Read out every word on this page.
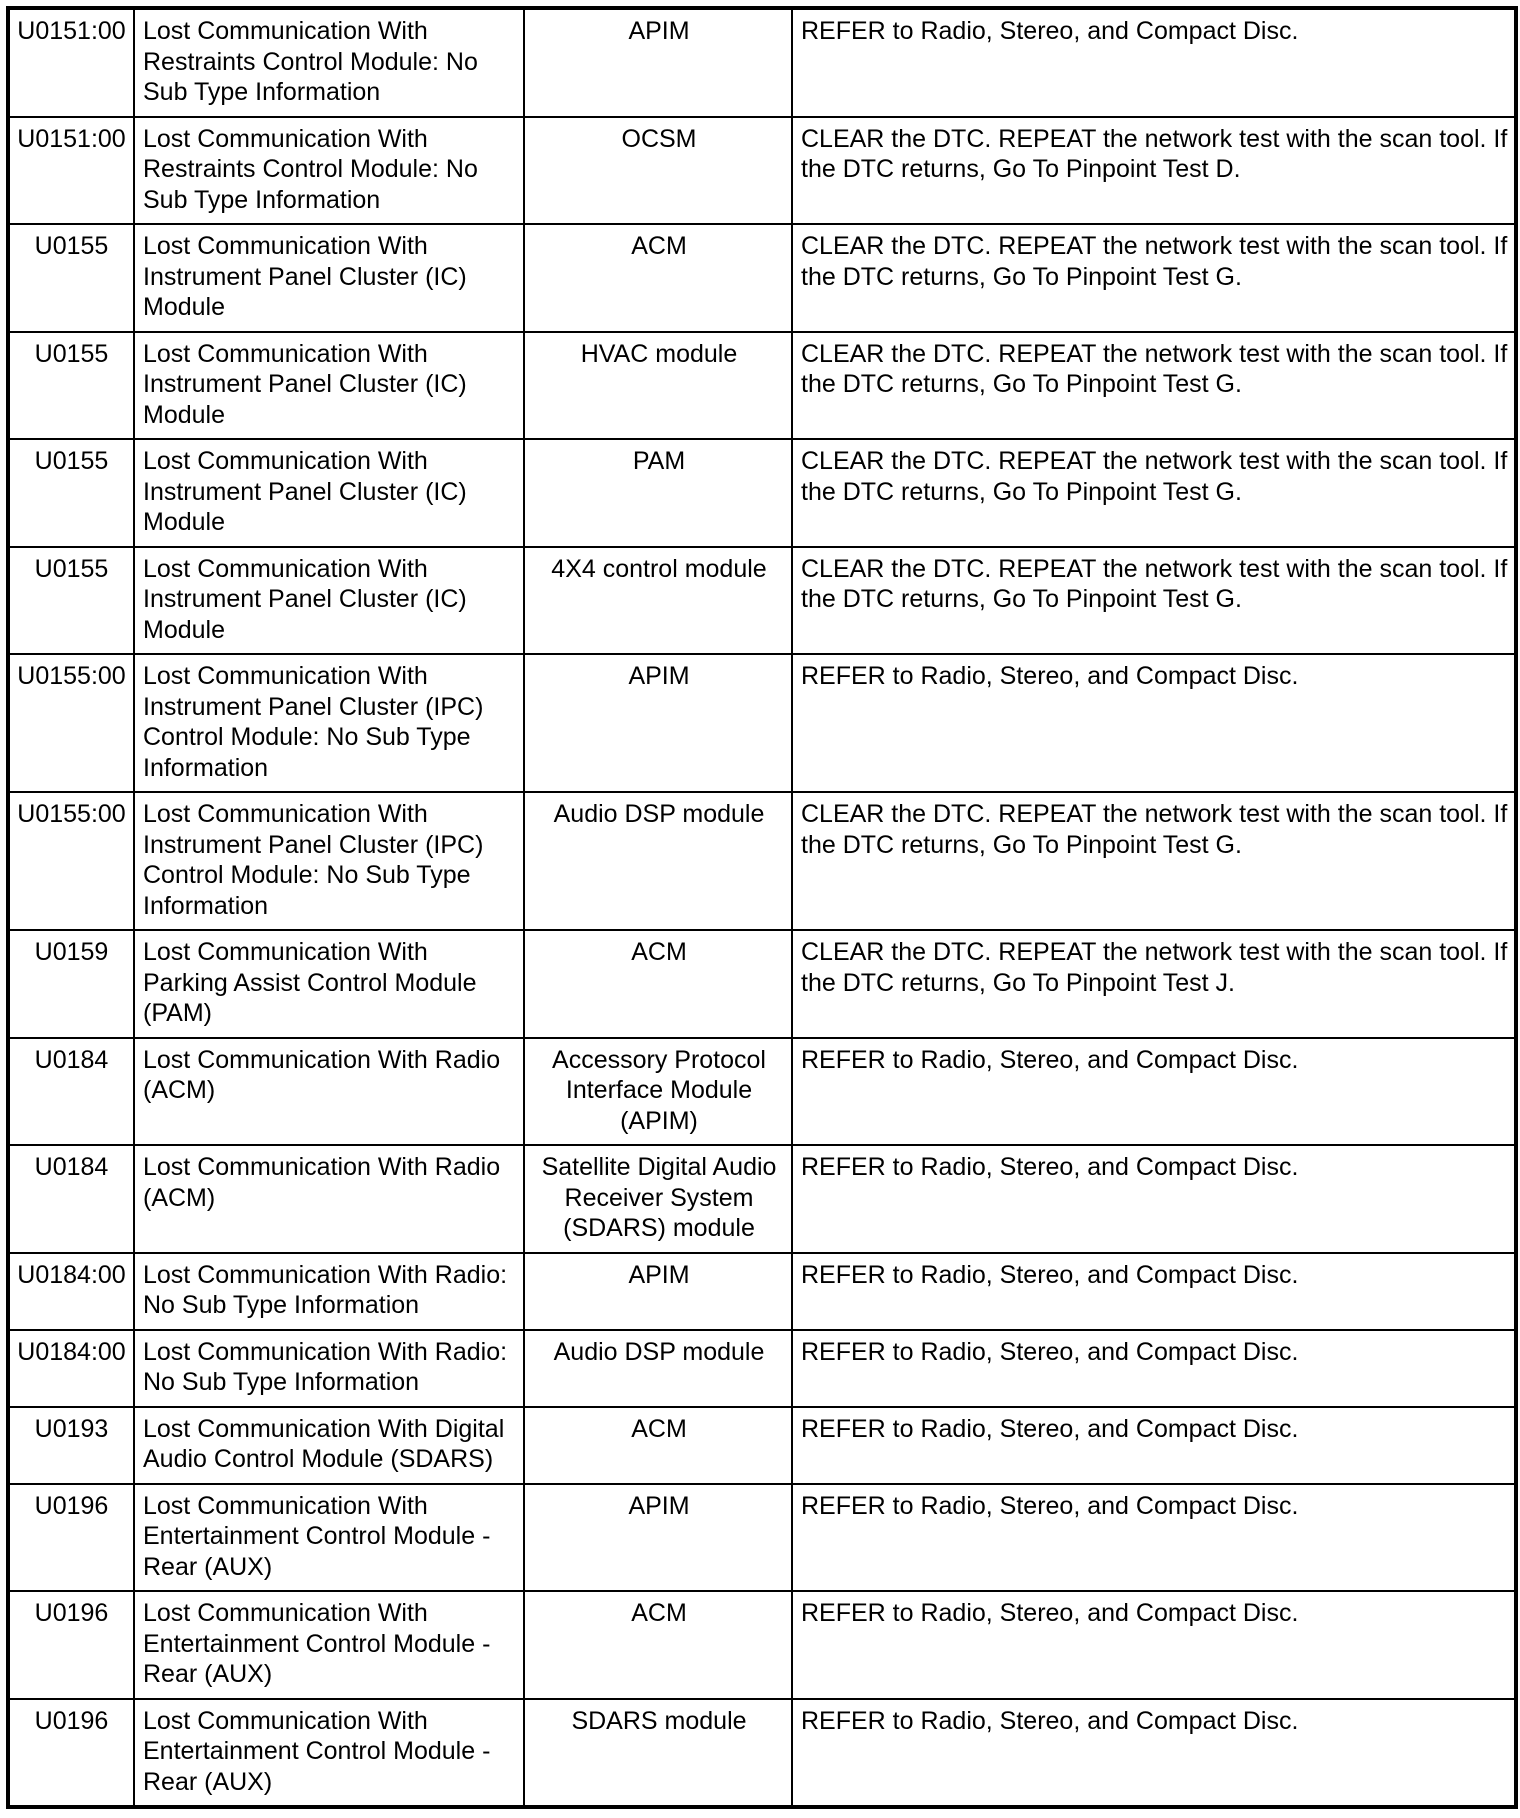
U0151:00	Lost Communication With Restraints Control Module: No Sub Type Information	APIM	REFER to Radio, Stereo, and Compact Disc.
U0151:00	Lost Communication With Restraints Control Module: No Sub Type Information	OCSM	CLEAR the DTC. REPEAT the network test with the scan tool. If the DTC returns, Go To Pinpoint Test D.
U0155	Lost Communication With Instrument Panel Cluster (IC) Module	ACM	CLEAR the DTC. REPEAT the network test with the scan tool. If the DTC returns, Go To Pinpoint Test G.
U0155	Lost Communication With Instrument Panel Cluster (IC) Module	HVAC module	CLEAR the DTC. REPEAT the network test with the scan tool. If the DTC returns, Go To Pinpoint Test G.
U0155	Lost Communication With Instrument Panel Cluster (IC) Module	PAM	CLEAR the DTC. REPEAT the network test with the scan tool. If the DTC returns, Go To Pinpoint Test G.
U0155	Lost Communication With Instrument Panel Cluster (IC) Module	4X4 control module	CLEAR the DTC. REPEAT the network test with the scan tool. If the DTC returns, Go To Pinpoint Test G.
U0155:00	Lost Communication With Instrument Panel Cluster (IPC) Control Module: No Sub Type Information	APIM	REFER to Radio, Stereo, and Compact Disc.
U0155:00	Lost Communication With Instrument Panel Cluster (IPC) Control Module: No Sub Type Information	Audio DSP module	CLEAR the DTC. REPEAT the network test with the scan tool. If the DTC returns, Go To Pinpoint Test G.
U0159	Lost Communication With Parking Assist Control Module (PAM)	ACM	CLEAR the DTC. REPEAT the network test with the scan tool. If the DTC returns, Go To Pinpoint Test J.
U0184	Lost Communication With Radio (ACM)	Accessory Protocol Interface Module (APIM)	REFER to Radio, Stereo, and Compact Disc.
U0184	Lost Communication With Radio (ACM)	Satellite Digital Audio Receiver System (SDARS) module	REFER to Radio, Stereo, and Compact Disc.
U0184:00	Lost Communication With Radio: No Sub Type Information	APIM	REFER to Radio, Stereo, and Compact Disc.
U0184:00	Lost Communication With Radio: No Sub Type Information	Audio DSP module	REFER to Radio, Stereo, and Compact Disc.
U0193	Lost Communication With Digital Audio Control Module (SDARS)	ACM	REFER to Radio, Stereo, and Compact Disc.
U0196	Lost Communication With Entertainment Control Module - Rear (AUX)	APIM	REFER to Radio, Stereo, and Compact Disc.
U0196	Lost Communication With Entertainment Control Module - Rear (AUX)	ACM	REFER to Radio, Stereo, and Compact Disc.
U0196	Lost Communication With Entertainment Control Module - Rear (AUX)	SDARS module	REFER to Radio, Stereo, and Compact Disc.
